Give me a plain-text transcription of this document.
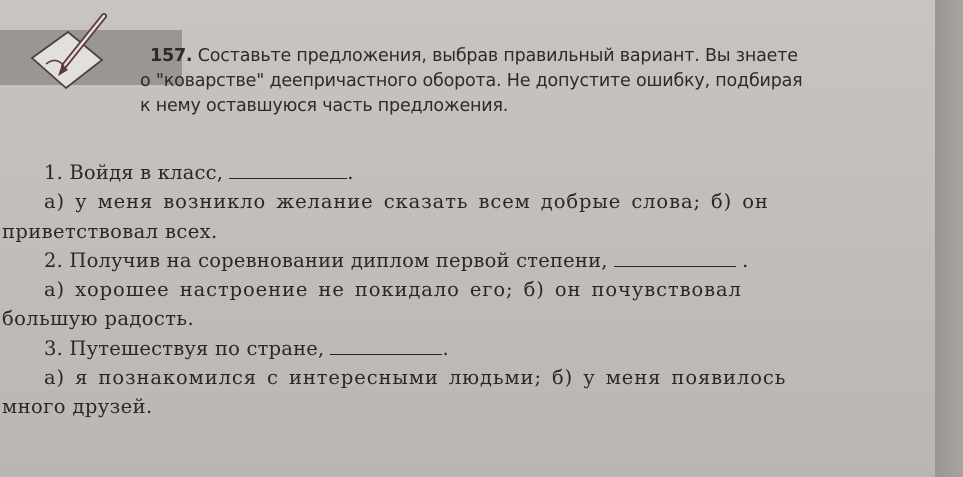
157. Составьте предложения, выбрав правильный вариант. Вы знаете
о "коварстве" деепричастного оборота. Не допустите ошибку, подбирая
к нему оставшуюся часть предложения.
1. Войдя в класс,	.
а) у меня возникло желание сказать всем добрые слова; б) он
приветствовал всех.
2. Получив на соревновании диплом первой степени,	.
а) хорошее настроение не покидало его; б) он почувствовал
большую радость.
3. Путешествуя по стране,	.
а) я познакомился с интересными людьми; б) у меня появилось
много друзей.
